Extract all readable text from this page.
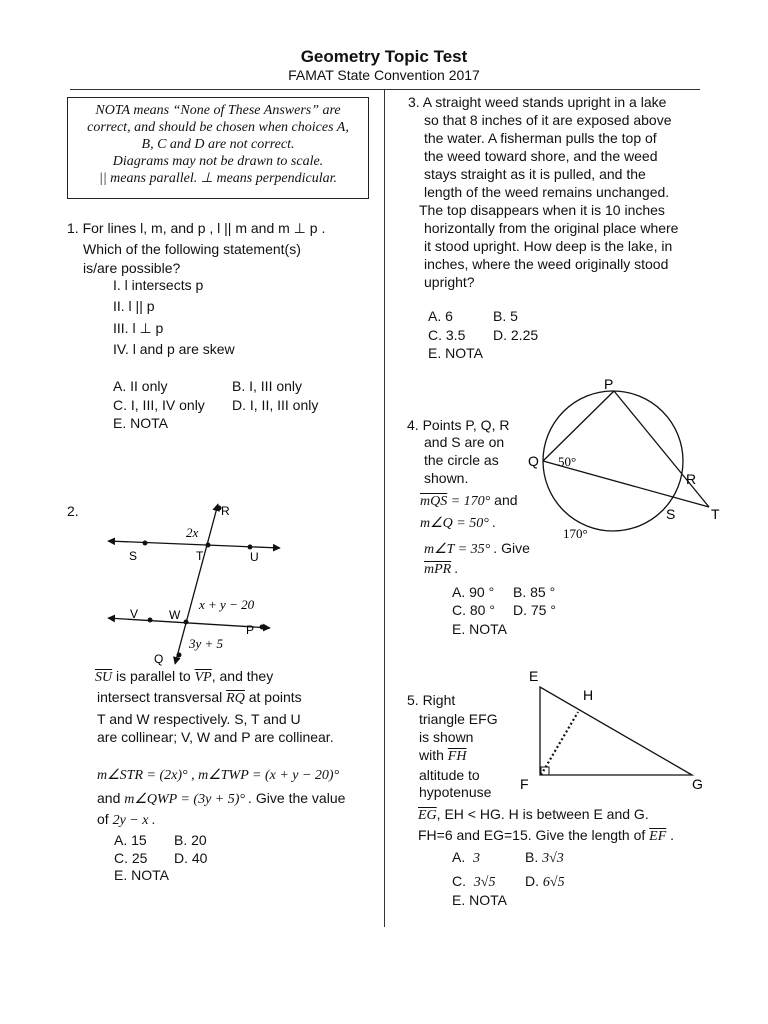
Geometry Topic Test
FAMAT State Convention 2017
NOTA means “None of These Answers” are
correct, and should be chosen when choices A,
B, C and D are not correct.
Diagrams may not be drawn to scale.
|| means parallel. ⊥ means perpendicular.
1. For lines l, m, and p , l || m and m ⊥ p .
Which of the following statement(s)
is/are possible?
I. l intersects p
II. l || p
III. l ⊥ p
IV. l and p are skew
A. II only	B. I, III only
C. I, III, IV only D. I, II, III only
E. NOTA
2.	R
S	T	U
V	W
P
Q
2x
x + y − 20
3y + 5
$\overline{SU}$ is parallel to $\overline{VP}$, and they
intersect transversal $\overline{RQ}$ at points
T and W respectively. S, T and U
are collinear; V, W and P are collinear.
m∠STR = (2x)° , m∠TWP = (x + y − 20)°
and m∠QWP = (3y + 5)° . Give the value
of 2y − x .
A. 15 B. 20
C. 25 D. 40
E. NOTA
3. A straight weed stands upright in a lake
so that 8 inches of it are exposed above
the water. A fisherman pulls the top of
the weed toward shore, and the weed
stays straight as it is pulled, and the
length of the weed remains unchanged.
The top disappears when it is 10 inches
horizontally from the original place where
it stood upright. How deep is the lake, in
inches, where the weed originally stood
upright?
A. 6	B. 5
C. 3.5 D. 2.25
E. NOTA
4. Points P, Q, R
and S are on
the circle as
shown.
$\overline{mQS} = 170^\circ$ and
m∠Q = 50° .
m∠T = 35° . Give
$\overline{mPR}$ .
A. 90 ° B. 85 °
C. 80 ° D. 75 °
E. NOTA
P
Q
R
S	T
50°
170°
5. Right
triangle EFG
is shown
with $\overline{FH}$
altitude to
hypotenuse
$\overline{EG}$, EH < HG. H is between E and G.
FH=6 and EG=15. Give the length of $\overline{EF}$ .
A. 3	B. 3√3
C. 3√5 D. 6√5
E. NOTA
E
H
F	G
